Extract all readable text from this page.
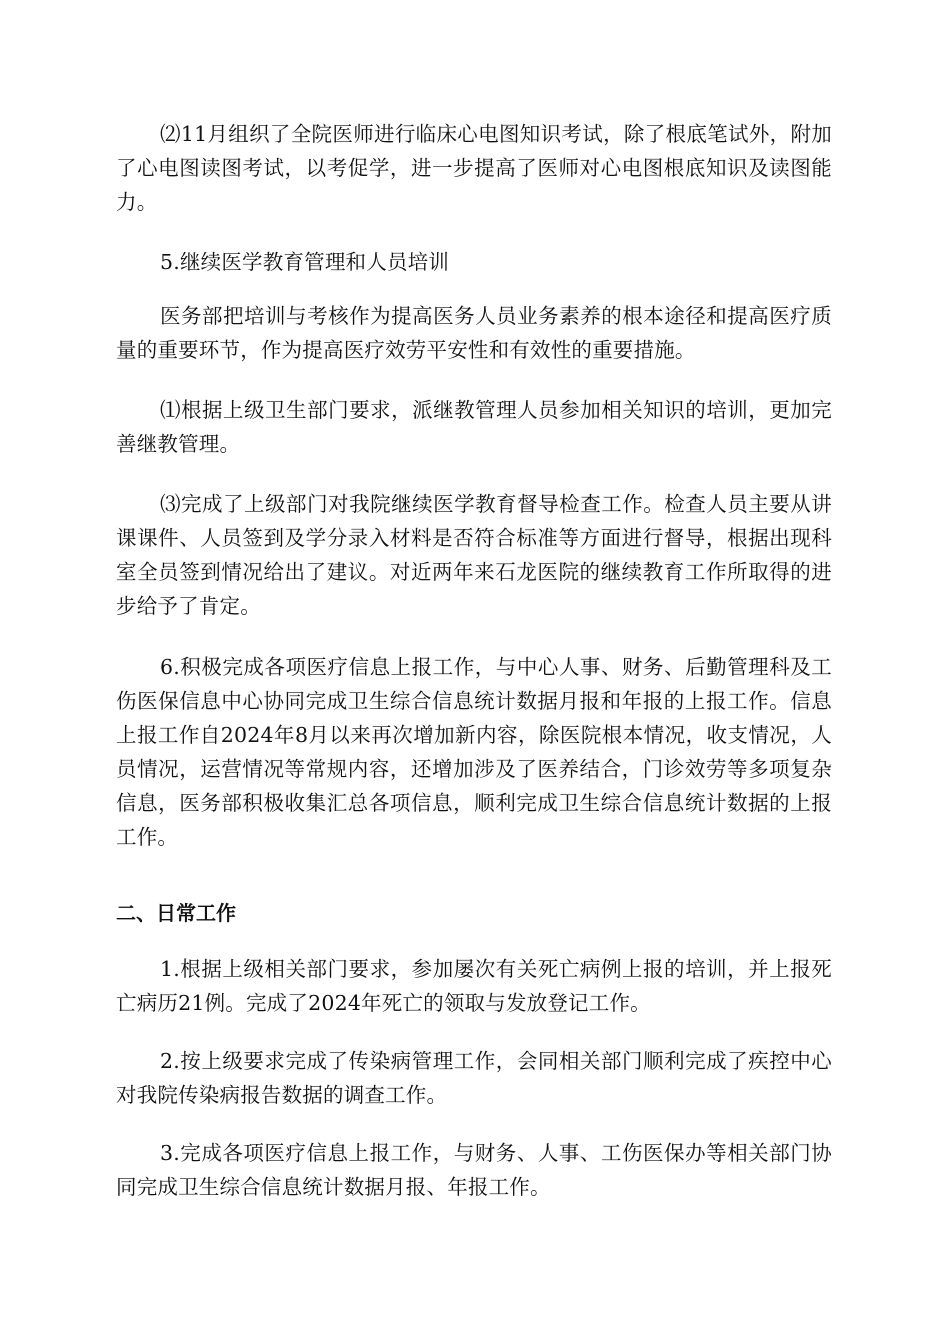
⑵11月组织了全院医师进行临床心电图知识考试，除了根底笔试外，附加了心电图读图考试，以考促学，进一步提高了医师对心电图根底知识及读图能力。

5.继续医学教育管理和人员培训

医务部把培训与考核作为提高医务人员业务素养的根本途径和提高医疗质量的重要环节，作为提高医疗效劳平安性和有效性的重要措施。

⑴根据上级卫生部门要求，派继教管理人员参加相关知识的培训，更加完善继教管理。

⑶完成了上级部门对我院继续医学教育督导检查工作。检查人员主要从讲课课件、人员签到及学分录入材料是否符合标准等方面进行督导，根据出现科室全员签到情况给出了建议。对近两年来石龙医院的继续教育工作所取得的进步给予了肯定。

6.积极完成各项医疗信息上报工作，与中心人事、财务、后勤管理科及工伤医保信息中心协同完成卫生综合信息统计数据月报和年报的上报工作。信息上报工作自2024年8月以来再次增加新内容，除医院根本情况，收支情况，人员情况，运营情况等常规内容，还增加涉及了医养结合，门诊效劳等多项复杂信息，医务部积极收集汇总各项信息，顺利完成卫生综合信息统计数据的上报工作。

二、日常工作

1.根据上级相关部门要求，参加屡次有关死亡病例上报的培训，并上报死亡病历21例。完成了2024年死亡的领取与发放登记工作。

2.按上级要求完成了传染病管理工作，会同相关部门顺利完成了疾控中心对我院传染病报告数据的调查工作。

3.完成各项医疗信息上报工作，与财务、人事、工伤医保办等相关部门协同完成卫生综合信息统计数据月报、年报工作。
